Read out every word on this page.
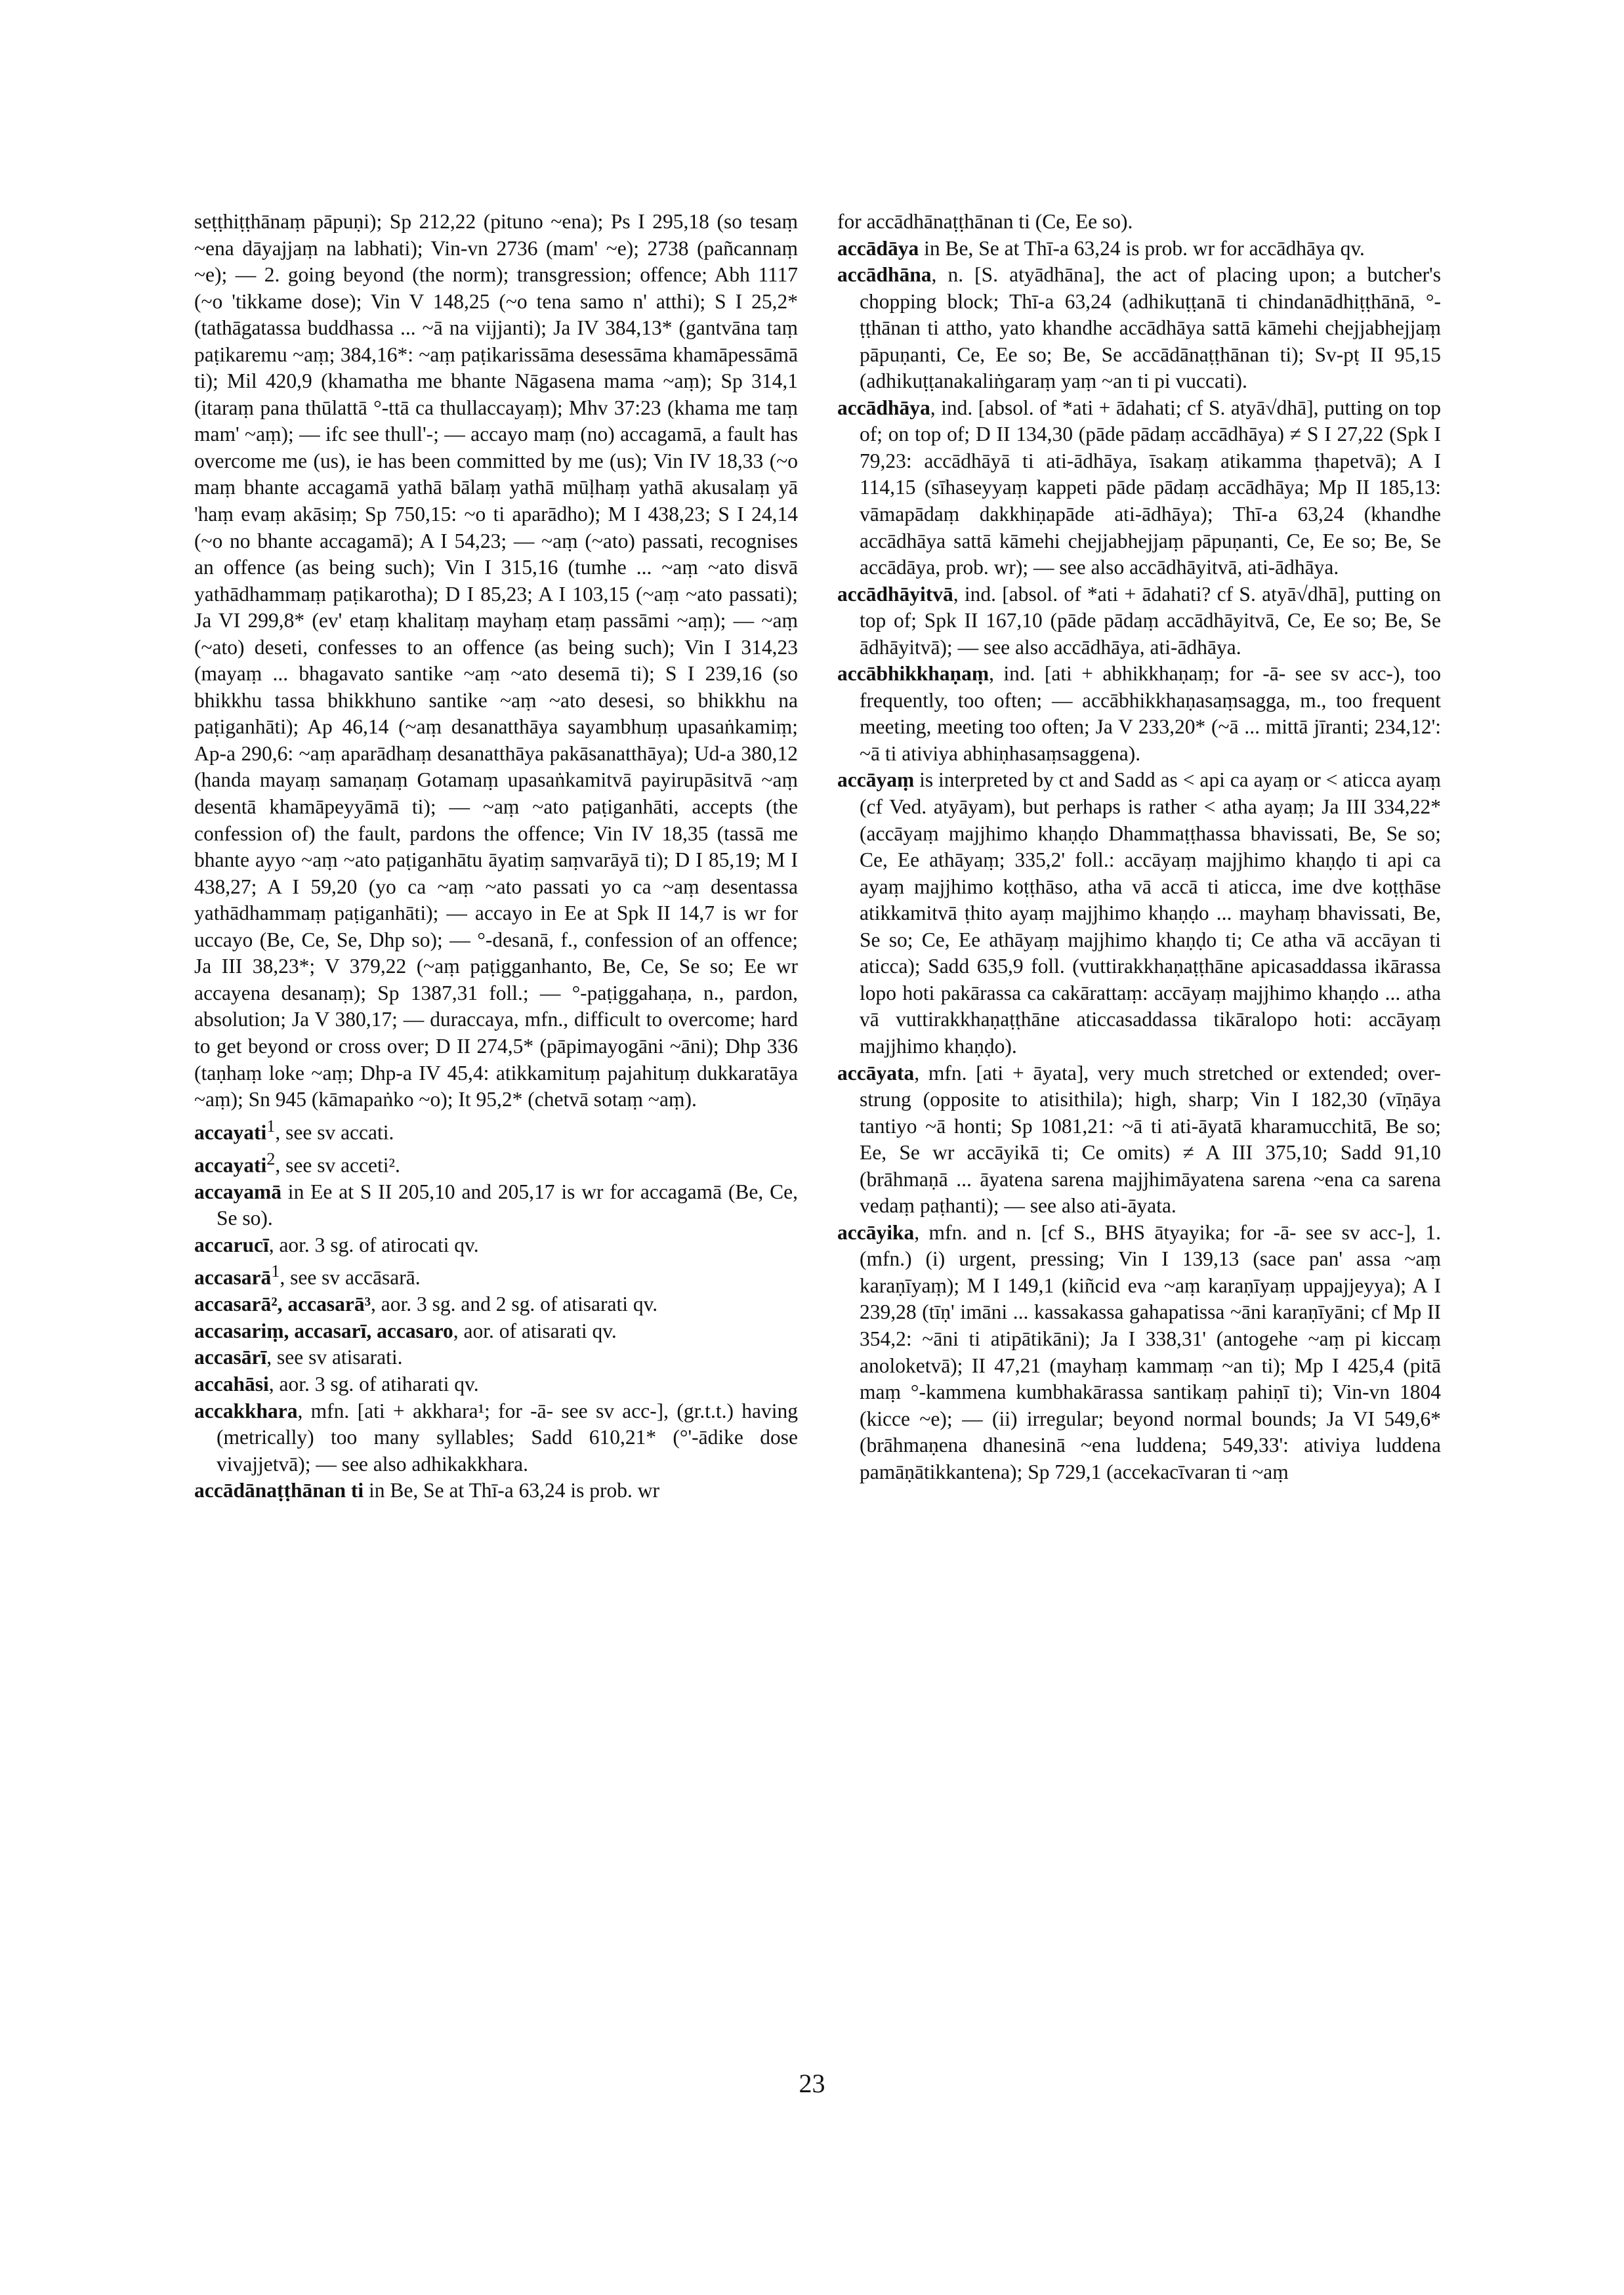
seṭṭhiṭṭhānaṃ pāpuṇi); Sp 212,22 (pituno ~ena); Ps I 295,18 (so tesaṃ ~ena dāyajjaṃ na labhati); Vin-vn 2736 (mam' ~e); 2738 (pañcannaṃ ~e); — 2. going beyond (the norm); transgression; offence; Abh 1117 (~o 'tikkame dose); Vin V 148,25 (~o tena samo n' atthi); S I 25,2* (tathāgatassa buddhassa ... ~ā na vijjanti); Ja IV 384,13* (gantvāna taṃ paṭikaremu ~aṃ; 384,16*: ~aṃ paṭikarissāma desessāma khamāpessāmā ti); Mil 420,9 (khamatha me bhante Nāgasena mama ~aṃ); Sp 314,1 (itaraṃ pana thūlattā °-ttā ca thullaccayaṃ); Mhv 37:23 (khama me taṃ mam' ~aṃ); — ifc see thull'-; — accayo maṃ (no) accagamā, a fault has overcome me (us), ie has been committed by me (us); Vin IV 18,33 (~o maṃ bhante accagamā yathā bālaṃ yathā mūḷhaṃ yathā akusalaṃ yā 'haṃ evaṃ akāsiṃ; Sp 750,15: ~o ti aparādho); M I 438,23; S I 24,14 (~o no bhante accagamā); A I 54,23; — ~aṃ (~ato) passati, recognises an offence (as being such); Vin I 315,16 (tumhe ... ~aṃ ~ato disvā yathādhammaṃ paṭikarotha); D I 85,23; A I 103,15 (~aṃ ~ato passati); Ja VI 299,8* (ev' etaṃ khalitaṃ mayhaṃ etaṃ passāmi ~aṃ); — ~aṃ (~ato) deseti, confesses to an offence (as being such); Vin I 314,23 (mayaṃ ... bhagavato santike ~aṃ ~ato desemā ti); S I 239,16 (so bhikkhu tassa bhikkhuno santike ~aṃ ~ato desesi, so bhikkhu na paṭiganhāti); Ap 46,14 (~aṃ desanatthāya sayambhuṃ upasaṅkamiṃ; Ap-a 290,6: ~aṃ aparādhaṃ desanatthāya pakāsanatthāya); Ud-a 380,12 (handa mayaṃ samaṇaṃ Gotamaṃ upasaṅkamitvā payirupāsitvā ~aṃ desentā khamāpeyyāmā ti); — ~aṃ ~ato paṭiganhāti, accepts (the confession of) the fault, pardons the offence; Vin IV 18,35 (tassā me bhante ayyo ~aṃ ~ato paṭiganhātu āyatiṃ saṃvarāyā ti); D I 85,19; M I 438,27; A I 59,20 (yo ca ~aṃ ~ato passati yo ca ~aṃ desentassa yathādhammaṃ paṭiganhāti); — accayo in Ee at Spk II 14,7 is wr for uccayo (Be, Ce, Se, Dhp so); — °-desanā, f., confession of an offence; Ja III 38,23*; V 379,22 (~aṃ paṭigganhanto, Be, Ce, Se so; Ee wr accayena desanaṃ); Sp 1387,31 foll.; — °-paṭiggahaṇa, n., pardon, absolution; Ja V 380,17; — duraccaya, mfn., difficult to overcome; hard to get beyond or cross over; D II 274,5* (pāpimayogāni ~āni); Dhp 336 (taṇhaṃ loke ~aṃ; Dhp-a IV 45,4: atikkamituṃ pajahituṃ dukkaratāya ~aṃ); Sn 945 (kāmapaṅko ~o); It 95,2* (chetvā sotaṃ ~aṃ).

accayati$^1$, see sv accati.

accayati$^2$, see sv acceti².

accayamā in Ee at S II 205,10 and 205,17 is wr for accagamā (Be, Ce, Se so).

accarucī, aor. 3 sg. of atirocati qv.

accasarā$^1$, see sv accāsarā.

accasarā², accasarā³, aor. 3 sg. and 2 sg. of atisarati qv.

accasariṃ, accasarī, accasaro, aor. of atisarati qv.

accasārī, see sv atisarati.

accahāsi, aor. 3 sg. of atiharati qv.

accakkhara, mfn. [ati + akkhara¹; for -ā- see sv acc-], (gr.t.t.) having (metrically) too many syllables; Sadd 610,21* (°'-ādike dose vivajjetvā); — see also adhikakkhara.

accādānaṭṭhānan ti in Be, Se at Thī-a 63,24 is prob. wr

for accādhānaṭṭhānan ti (Ce, Ee so).

accādāya in Be, Se at Thī-a 63,24 is prob. wr for accādhāya qv.

accādhāna, n. [S. atyādhāna], the act of placing upon; a butcher's chopping block; Thī-a 63,24 (adhikuṭṭanā ti chindanādhiṭṭhānā, °-ṭṭhānan ti attho, yato khandhe accādhāya sattā kāmehi chejjabhejjaṃ pāpuṇanti, Ce, Ee so; Be, Se accādānaṭṭhānan ti); Sv-pṭ II 95,15 (adhikuṭṭanakaliṅgaraṃ yaṃ ~an ti pi vuccati).

accādhāya, ind. [absol. of *ati + ādahati; cf S. atyā√dhā], putting on top of; on top of; D II 134,30 (pāde pādaṃ accādhāya) ≠ S I 27,22 (Spk I 79,23: accādhāyā ti ati-ādhāya, īsakaṃ atikamma ṭhapetvā); A I 114,15 (sīhaseyyaṃ kappeti pāde pādaṃ accādhāya; Mp II 185,13: vāmapādaṃ dakkhiṇapāde ati-ādhāya); Thī-a 63,24 (khandhe accādhāya sattā kāmehi chejjabhejjaṃ pāpuṇanti, Ce, Ee so; Be, Se accādāya, prob. wr); — see also accādhāyitvā, ati-ādhāya.

accādhāyitvā, ind. [absol. of *ati + ādahati? cf S. atyā√dhā], putting on top of; Spk II 167,10 (pāde pādaṃ accādhāyitvā, Ce, Ee so; Be, Se ādhāyitvā); — see also accādhāya, ati-ādhāya.

accābhikkhaṇaṃ, ind. [ati + abhikkhaṇaṃ; for -ā- see sv acc-), too frequently, too often; — accābhikkhaṇasaṃsagga, m., too frequent meeting, meeting too often; Ja V 233,20* (~ā ... mittā jīranti; 234,12': ~ā ti ativiya abhiṇhasaṃsaggena).

accāyaṃ is interpreted by ct and Sadd as < api ca ayaṃ or < aticca ayaṃ (cf Ved. atyāyam), but perhaps is rather < atha ayaṃ; Ja III 334,22* (accāyaṃ majjhimo khaṇḍo Dhammaṭṭhassa bhavissati, Be, Se so; Ce, Ee athāyaṃ; 335,2' foll.: accāyaṃ majjhimo khaṇḍo ti api ca ayaṃ majjhimo koṭṭhāso, atha vā accā ti aticca, ime dve koṭṭhāse atikkamitvā ṭhito ayaṃ majjhimo khaṇḍo ... mayhaṃ bhavissati, Be, Se so; Ce, Ee athāyaṃ majjhimo khaṇḍo ti; Ce atha vā accāyan ti aticca); Sadd 635,9 foll. (vuttirakkhaṇaṭṭhāne apicasaddassa ikārassa lopo hoti pakārassa ca cakārattaṃ: accāyaṃ majjhimo khaṇḍo ... atha vā vuttirakkhaṇaṭṭhāne aticcasaddassa tikāralopo hoti: accāyaṃ majjhimo khaṇḍo).

accāyata, mfn. [ati + āyata], very much stretched or extended; over-strung (opposite to atisithila); high, sharp; Vin I 182,30 (vīṇāya tantiyo ~ā honti; Sp 1081,21: ~ā ti ati-āyatā kharamucchitā, Be so; Ee, Se wr accāyikā ti; Ce omits) ≠ A III 375,10; Sadd 91,10 (brāhmaṇā ... āyatena sarena majjhimāyatena sarena ~ena ca sarena vedaṃ paṭhanti); — see also ati-āyata.

accāyika, mfn. and n. [cf S., BHS ātyayika; for -ā- see sv acc-], 1. (mfn.) (i) urgent, pressing; Vin I 139,13 (sace pan' assa ~aṃ karaṇīyaṃ); M I 149,1 (kiñcid eva ~aṃ karaṇīyaṃ uppajjeyya); A I 239,28 (tīṇ' imāni ... kassakassa gahapatissa ~āni karaṇīyāni; cf Mp II 354,2: ~āni ti atipātikāni); Ja I 338,31' (antogehe ~aṃ pi kiccaṃ anoloketvā); II 47,21 (mayhaṃ kammaṃ ~an ti); Mp I 425,4 (pitā maṃ °-kammena kumbhakārassa santikaṃ pahiṇī ti); Vin-vn 1804 (kicce ~e); — (ii) irregular; beyond normal bounds; Ja VI 549,6* (brāhmaṇena dhanesinā ~ena luddena; 549,33': ativiya luddena pamāṇātikkantena); Sp 729,1 (accekacīvaran ti ~aṃ

23
